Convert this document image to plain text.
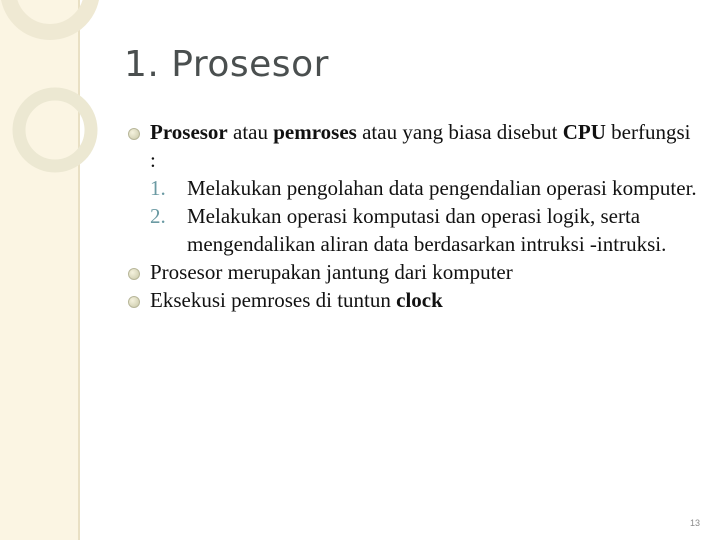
1. Prosesor
Prosesor atau pemroses atau yang biasa disebut CPU berfungsi :
1. Melakukan pengolahan data pengendalian operasi komputer.
2. Melakukan operasi komputasi dan operasi logik, serta mengendalikan aliran data berdasarkan intruksi -intruksi.
Prosesor merupakan jantung dari komputer
Eksekusi pemroses di tuntun clock
13
